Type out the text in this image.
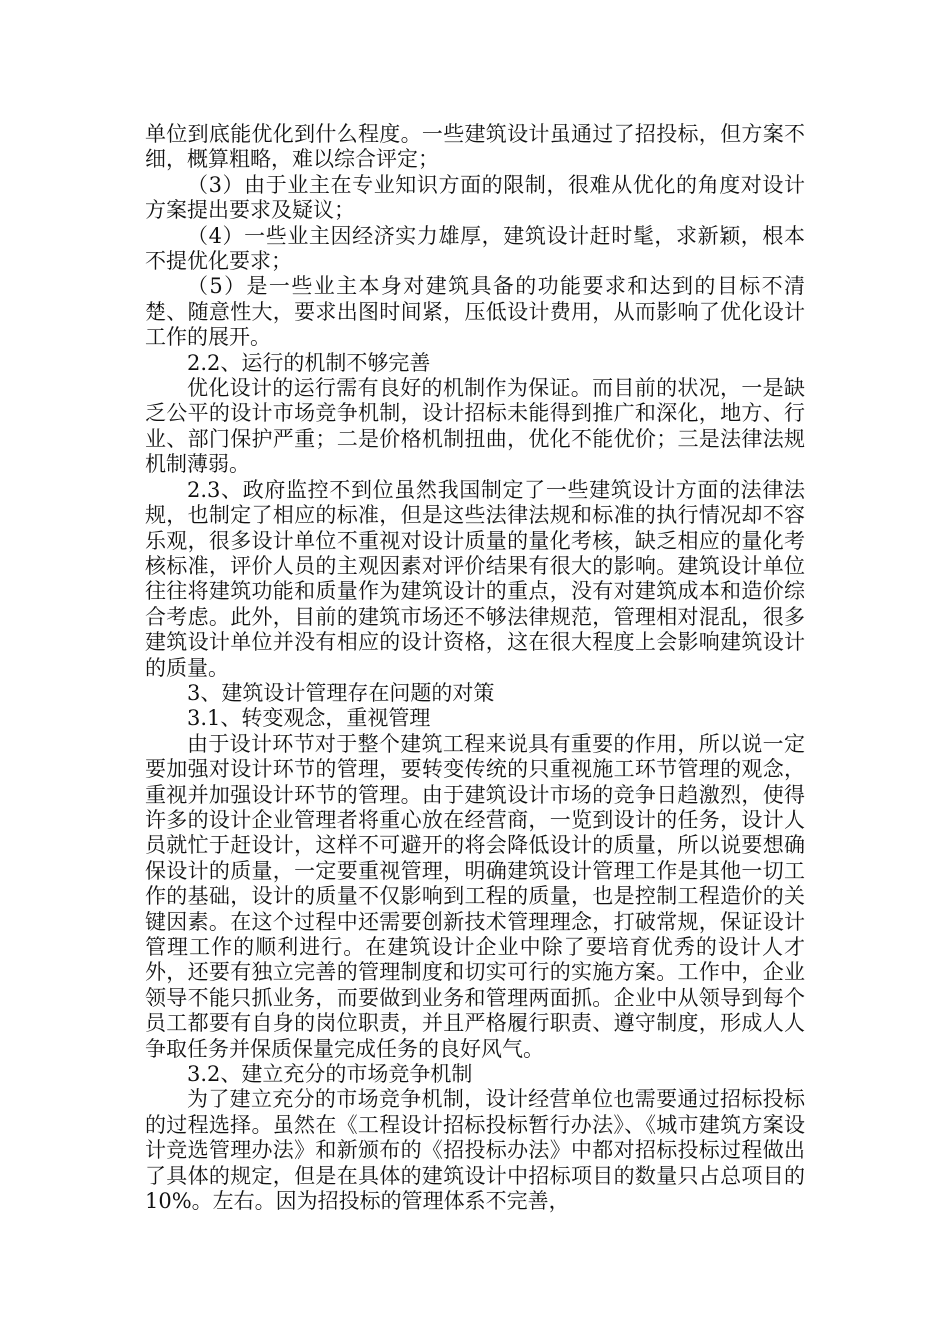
单位到底能优化到什么程度。一些建筑设计虽通过了招投标，但方案不细，概算粗略，难以综合评定；

（3）由于业主在专业知识方面的限制，很难从优化的角度对设计方案提出要求及疑议；

（4）一些业主因经济实力雄厚，建筑设计赶时髦，求新颖，根本不提优化要求；

（5）是一些业主本身对建筑具备的功能要求和达到的目标不清楚、随意性大，要求出图时间紧，压低设计费用，从而影响了优化设计工作的展开。

2.2、运行的机制不够完善

优化设计的运行需有良好的机制作为保证。而目前的状况，一是缺乏公平的设计市场竞争机制，设计招标未能得到推广和深化，地方、行业、部门保护严重；二是价格机制扭曲，优化不能优价；三是法律法规机制薄弱。

2.3、政府监控不到位虽然我国制定了一些建筑设计方面的法律法规，也制定了相应的标准，但是这些法律法规和标准的执行情况却不容乐观，很多设计单位不重视对设计质量的量化考核，缺乏相应的量化考核标准，评价人员的主观因素对评价结果有很大的影响。建筑设计单位往往将建筑功能和质量作为建筑设计的重点，没有对建筑成本和造价综合考虑。此外，目前的建筑市场还不够法律规范，管理相对混乱，很多建筑设计单位并没有相应的设计资格，这在很大程度上会影响建筑设计的质量。

3、建筑设计管理存在问题的对策

3.1、转变观念，重视管理

由于设计环节对于整个建筑工程来说具有重要的作用，所以说一定要加强对设计环节的管理，要转变传统的只重视施工环节管理的观念，重视并加强设计环节的管理。由于建筑设计市场的竞争日趋激烈，使得许多的设计企业管理者将重心放在经营商，一览到设计的任务，设计人员就忙于赶设计，这样不可避开的将会降低设计的质量，所以说要想确保设计的质量，一定要重视管理，明确建筑设计管理工作是其他一切工作的基础，设计的质量不仅影响到工程的质量，也是控制工程造价的关键因素。在这个过程中还需要创新技术管理理念，打破常规，保证设计管理工作的顺利进行。在建筑设计企业中除了要培育优秀的设计人才外，还要有独立完善的管理制度和切实可行的实施方案。工作中，企业领导不能只抓业务，而要做到业务和管理两面抓。企业中从领导到每个员工都要有自身的岗位职责，并且严格履行职责、遵守制度，形成人人争取任务并保质保量完成任务的良好风气。

3.2、建立充分的市场竞争机制

为了建立充分的市场竞争机制，设计经营单位也需要通过招标投标的过程选择。虽然在《工程设计招标投标暂行办法》、《城市建筑方案设计竞选管理办法》和新颁布的《招投标办法》中都对招标投标过程做出了具体的规定，但是在具体的建筑设计中招标项目的数量只占总项目的10%。左右。因为招投标的管理体系不完善，
